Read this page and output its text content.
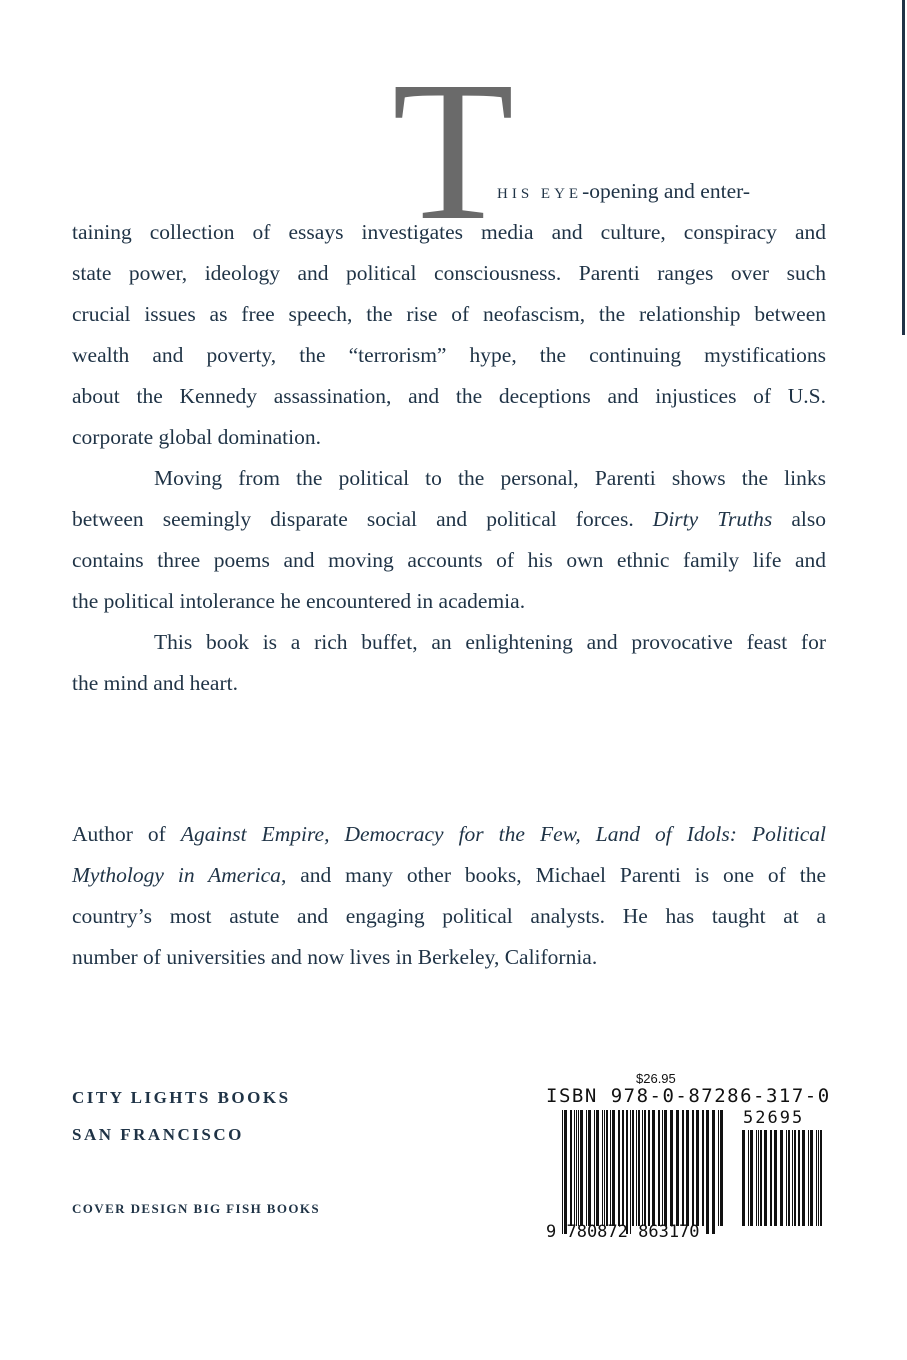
T
HIS EYE-opening and enter-
taining collection of essays investigates media and culture, conspiracy and
state power, ideology and political consciousness. Parenti ranges over such
crucial issues as free speech, the rise of neofascism, the relationship between
wealth and poverty, the “terrorism” hype, the continuing mystifications
about the Kennedy assassination, and the deceptions and injustices of U.S.
corporate global domination.
Moving from the political to the personal, Parenti shows the links
between seemingly disparate social and political forces. Dirty Truths also
contains three poems and moving accounts of his own ethnic family life and
the political intolerance he encountered in academia.
This book is a rich buffet, an enlightening and provocative feast for
the mind and heart.
Author of Against Empire, Democracy for the Few, Land of Idols: Political
Mythology in America, and many other books, Michael Parenti is one of the
country’s most astute and engaging political analysts. He has taught at a
number of universities and now lives in Berkeley, California.
CITY LIGHTS BOOKS
SAN FRANCISCO
COVER DESIGN BIG FISH BOOKS
$26.95
ISBN 978-0-87286-317-0
52695
9 780872 863170
